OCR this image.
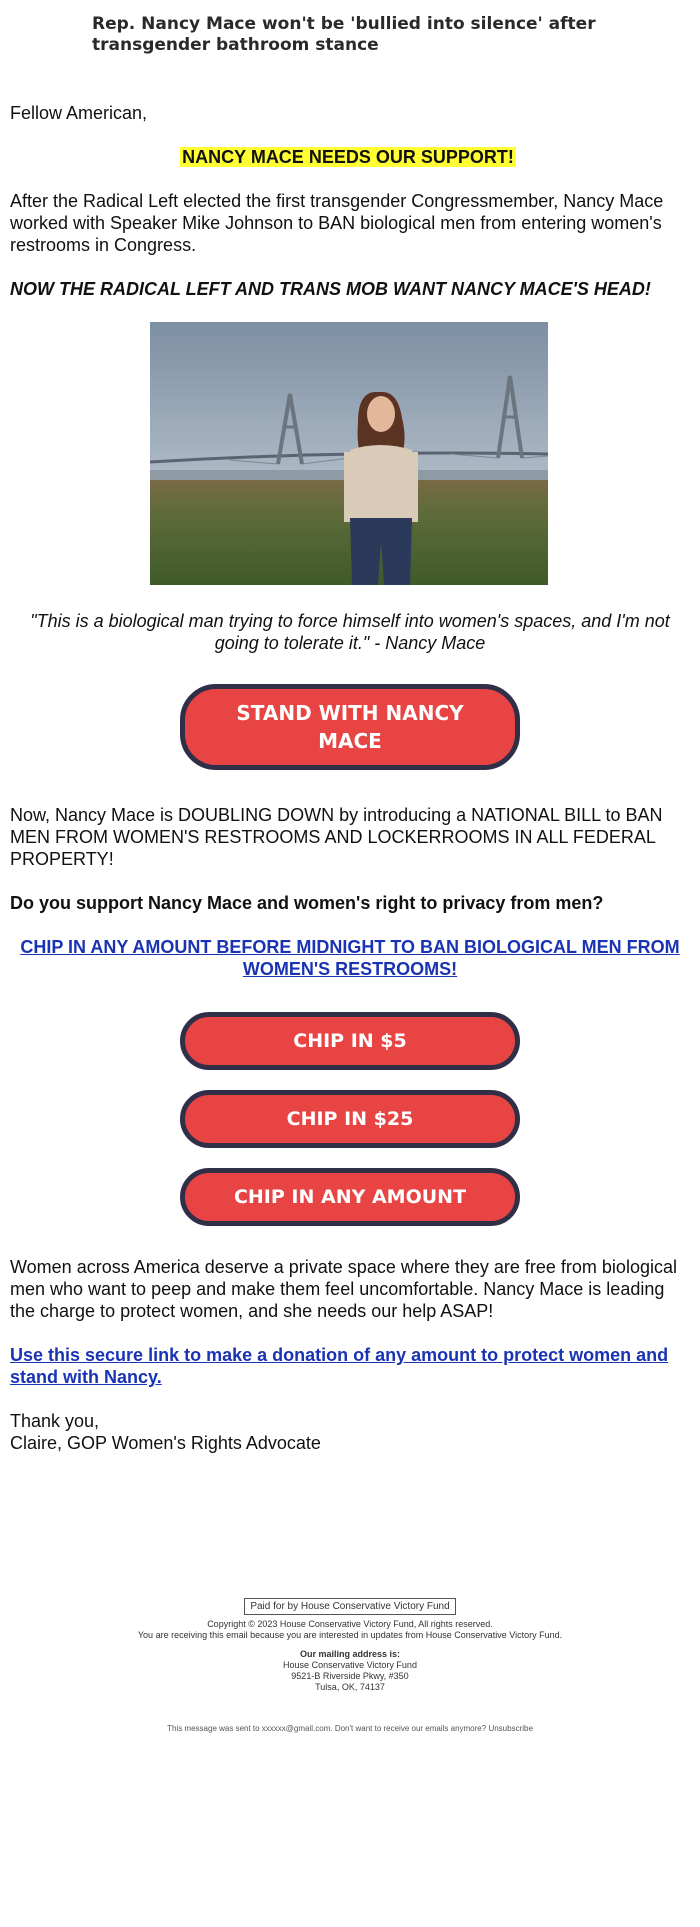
Rep. Nancy Mace won't be 'bullied into silence' after transgender bathroom stance

Fellow American,

NANCY MACE NEEDS OUR SUPPORT!

After the Radical Left elected the first transgender Congressmember, Nancy Mace worked with Speaker Mike Johnson to BAN biological men from entering women's restrooms in Congress.

NOW THE RADICAL LEFT AND TRANS MOB WANT NANCY MACE'S HEAD!

"This is a biological man trying to force himself into women's spaces, and I'm not going to tolerate it." - Nancy Mace

STAND WITH NANCY MACE

Now, Nancy Mace is DOUBLING DOWN by introducing a NATIONAL BILL to BAN MEN FROM WOMEN'S RESTROOMS AND LOCKERROOMS IN ALL FEDERAL PROPERTY!

Do you support Nancy Mace and women's right to privacy from men?

CHIP IN ANY AMOUNT BEFORE MIDNIGHT TO BAN BIOLOGICAL MEN FROM WOMEN'S RESTROOMS!

CHIP IN $5
CHIP IN $25
CHIP IN ANY AMOUNT

Women across America deserve a private space where they are free from biological men who want to peep and make them feel uncomfortable. Nancy Mace is leading the charge to protect women, and she needs our help ASAP!

Use this secure link to make a donation of any amount to protect women and stand with Nancy.

Thank you,

Claire, GOP Women's Rights Advocate

Paid for by House Conservative Victory Fund
Copyright © 2023 House Conservative Victory Fund, All rights reserved.
You are receiving this email because you are interested in updates from House Conservative Victory Fund.
Our mailing address is:
House Conservative Victory Fund
9521-B Riverside Pkwy, #350
Tulsa, OK, 74137
This message was sent to xxxxxx@gmail.com. Don't want to receive our emails anymore? Unsubscribe
